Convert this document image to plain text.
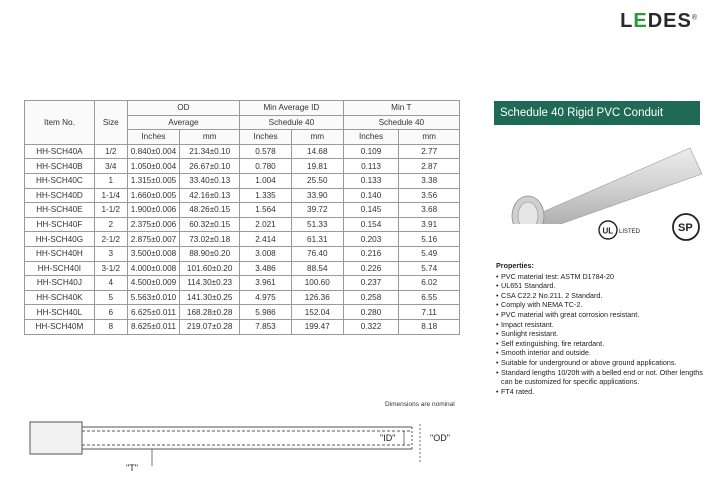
LEDES®
Item No.	Size	OD		Min Average ID		Min T	
		Average		Schedule 40		Schedule 40	
		Inches	mm	Inches	mm	Inches	mm
HH-SCH40A	1/2	0.840±0.004	21.34±0.10	0.578	14.68	0.109	2.77
HH-SCH40B	3/4	1.050±0.004	26.67±0.10	0.780	19.81	0.113	2.87
HH-SCH40C	1	1.315±0.005	33.40±0.13	1.004	25.50	0.133	3.38
HH-SCH40D	1-1/4	1.660±0.005	42.16±0.13	1.335	33.90	0.140	3.56
HH-SCH40E	1-1/2	1.900±0.006	48.26±0.15	1.564	39.72	0.145	3.68
HH-SCH40F	2	2.375±0.006	60.32±0.15	2.021	51.33	0.154	3.91
HH-SCH40G	2-1/2	2.875±0.007	73.02±0.18	2.414	61.31	0.203	5.16
HH-SCH40H	3	3.500±0.008	88.90±0.20	3.008	76.40	0.216	5.49
HH-SCH40I	3-1/2	4.000±0.008	101.60±0.20	3.486	88.54	0.226	5.74
HH-SCH40J	4	4.500±0.009	114.30±0.23	3.961	100.60	0.237	6.02
HH-SCH40K	5	5.563±0.010	141.30±0.25	4.975	126.36	0.258	6.55
HH-SCH40L	6	6.625±0.011	168.28±0.28	5.986	152.04	0.280	7.11
HH-SCH40M	8	8.625±0.011	219.07±0.28	7.853	199.47	0.322	8.18
Dimensions are nominal
"ID"	"OD"
"T"
Schedule 40 Rigid PVC Conduit
UL LISTED	SP
Properties:
• PVC material test: ASTM D1784-20
• UL651 Standard.
• CSA C22.2 No.211. 2 Standard.
• Comply with NEMA TC-2.
• PVC material with great corrosion resistant.
• Impact resistant.
• Sunlight resistant.
• Self extinguishing, fire retardant.
• Smooth interior and outside.
• Suitable for underground or above ground applications.
• Standard lengths 10/20ft with a belled end or not. Other lengths can be customized for specific applications.
• FT4 rated.
